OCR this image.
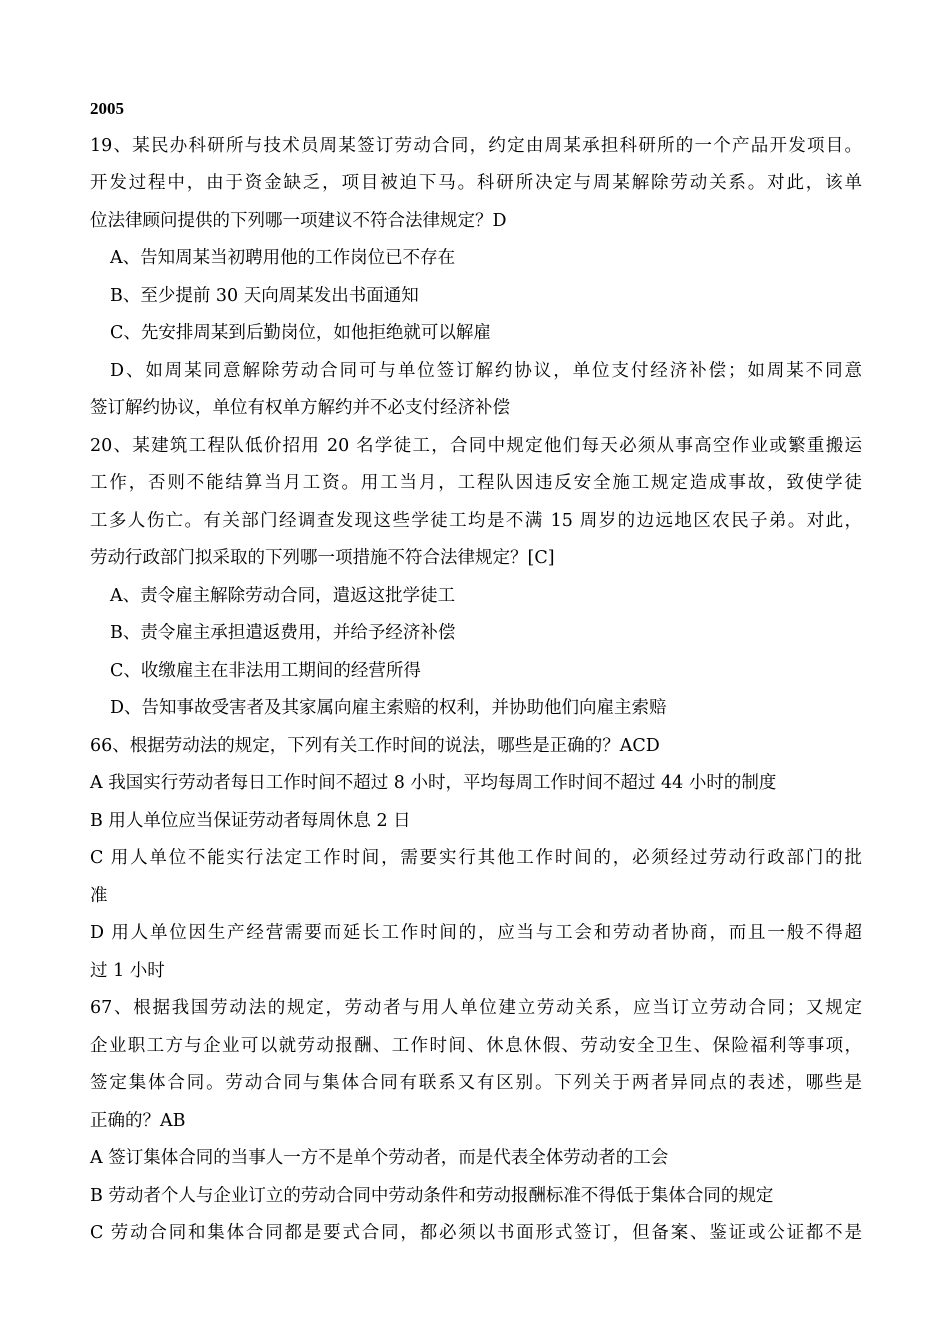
2005
19、某民办科研所与技术员周某签订劳动合同，约定由周某承担科研所的一个产品开发项目。
开发过程中，由于资金缺乏，项目被迫下马。科研所决定与周某解除劳动关系。对此，该单
位法律顾问提供的下列哪一项建议不符合法律规定？D
A、告知周某当初聘用他的工作岗位已不存在
B、至少提前 30 天向周某发出书面通知
C、先安排周某到后勤岗位，如他拒绝就可以解雇
D、如周某同意解除劳动合同可与单位签订解约协议，单位支付经济补偿；如周某不同意
签订解约协议，单位有权单方解约并不必支付经济补偿
20、某建筑工程队低价招用 20 名学徒工，合同中规定他们每天必须从事高空作业或繁重搬运
工作，否则不能结算当月工资。用工当月，工程队因违反安全施工规定造成事故，致使学徒
工多人伤亡。有关部门经调查发现这些学徒工均是不满 15 周岁的边远地区农民子弟。对此，
劳动行政部门拟采取的下列哪一项措施不符合法律规定？[C]
A、责令雇主解除劳动合同，遣返这批学徒工
B、责令雇主承担遣返费用，并给予经济补偿
C、收缴雇主在非法用工期间的经营所得
D、告知事故受害者及其家属向雇主索赔的权利，并协助他们向雇主索赔
66、根据劳动法的规定，下列有关工作时间的说法，哪些是正确的？ACD
A 我国实行劳动者每日工作时间不超过 8 小时，平均每周工作时间不超过 44 小时的制度
B 用人单位应当保证劳动者每周休息 2 日
C 用人单位不能实行法定工作时间，需要实行其他工作时间的，必须经过劳动行政部门的批
准
D 用人单位因生产经营需要而延长工作时间的，应当与工会和劳动者协商，而且一般不得超
过 1 小时
67、根据我国劳动法的规定，劳动者与用人单位建立劳动关系，应当订立劳动合同；又规定
企业职工方与企业可以就劳动报酬、工作时间、休息休假、劳动安全卫生、保险福利等事项，
签定集体合同。劳动合同与集体合同有联系又有区别。下列关于两者异同点的表述，哪些是
正确的？AB
A 签订集体合同的当事人一方不是单个劳动者，而是代表全体劳动者的工会
B 劳动者个人与企业订立的劳动合同中劳动条件和劳动报酬标准不得低于集体合同的规定
C 劳动合同和集体合同都是要式合同，都必须以书面形式签订，但备案、鉴证或公证都不是
